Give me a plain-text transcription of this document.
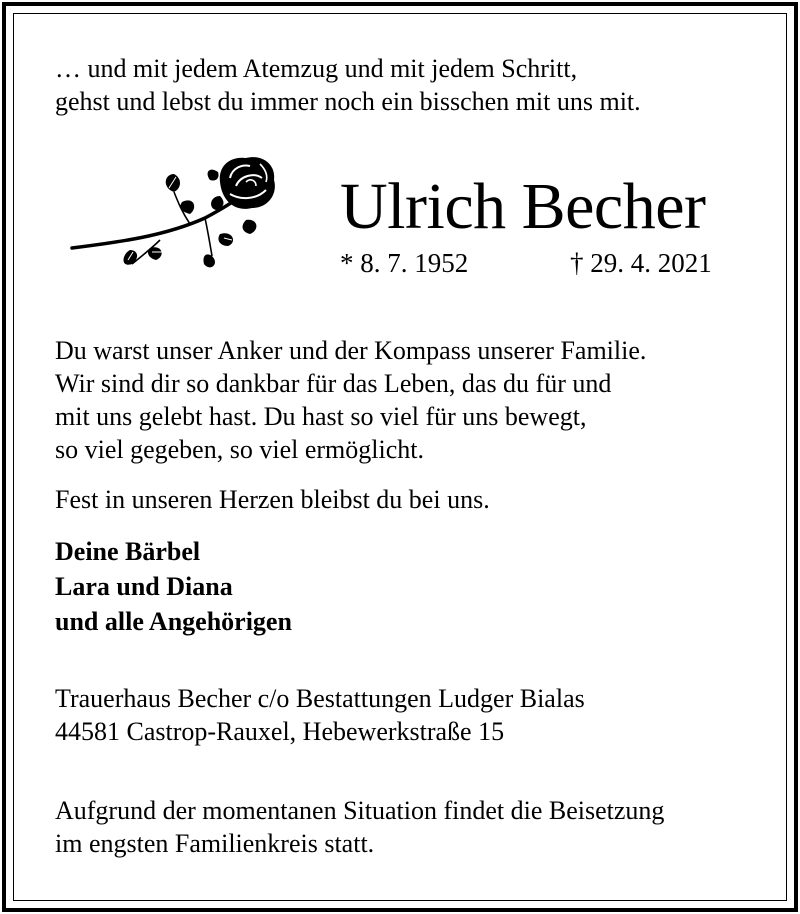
… und mit jedem Atemzug und mit jedem Schritt,
gehst und lebst du immer noch ein bisschen mit uns mit.

Ulrich Becher
* 8. 7. 1952	† 29. 4. 2021

Du warst unser Anker und der Kompass unserer Familie.
Wir sind dir so dankbar für das Leben, das du für und
mit uns gelebt hast. Du hast so viel für uns bewegt,
so viel gegeben, so viel ermöglicht.

Fest in unseren Herzen bleibst du bei uns.

Deine Bärbel
Lara und Diana
und alle Angehörigen

Trauerhaus Becher c/o Bestattungen Ludger Bialas
44581 Castrop-Rauxel, Hebewerkstraße 15

Aufgrund der momentanen Situation findet die Beisetzung
im engsten Familienkreis statt.
